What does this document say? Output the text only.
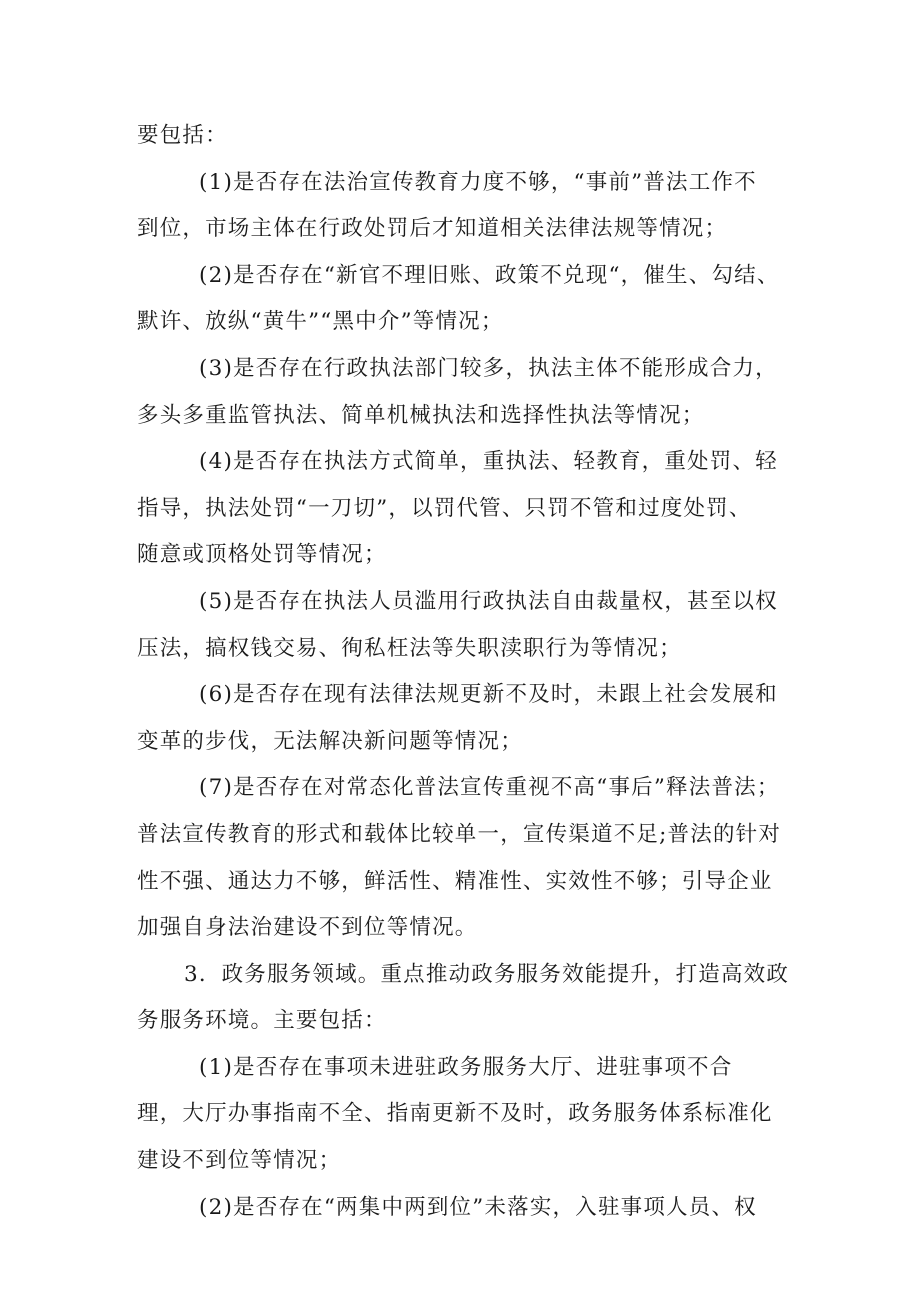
要包括：
(1)是否存在法治宣传教育力度不够，“事前”普法工作不
到位，市场主体在行政处罚后才知道相关法律法规等情况；
(2)是否存在“新官不理旧账、政策不兑现“，催生、勾结、
默许、放纵“黄牛”“黑中介”等情况；
(3)是否存在行政执法部门较多，执法主体不能形成合力，
多头多重监管执法、简单机械执法和选择性执法等情况；
(4)是否存在执法方式简单，重执法、轻教育，重处罚、轻
指导，执法处罚“一刀切”，以罚代管、只罚不管和过度处罚、
随意或顶格处罚等情况；
(5)是否存在执法人员滥用行政执法自由裁量权，甚至以权
压法，搞权钱交易、徇私枉法等失职渎职行为等情况；
(6)是否存在现有法律法规更新不及时，未跟上社会发展和
变革的步伐，无法解决新问题等情况；
(7)是否存在对常态化普法宣传重视不高“事后”释法普法；
普法宣传教育的形式和载体比较单一，宣传渠道不足;普法的针对
性不强、通达力不够，鲜活性、精准性、实效性不够；引导企业
加强自身法治建设不到位等情况。
3．政务服务领域。重点推动政务服务效能提升，打造高效政
务服务环境。主要包括：
(1)是否存在事项未进驻政务服务大厅、进驻事项不合
理，大厅办事指南不全、指南更新不及时，政务服务体系标准化
建设不到位等情况；
(2)是否存在“两集中两到位”未落实，入驻事项人员、权
